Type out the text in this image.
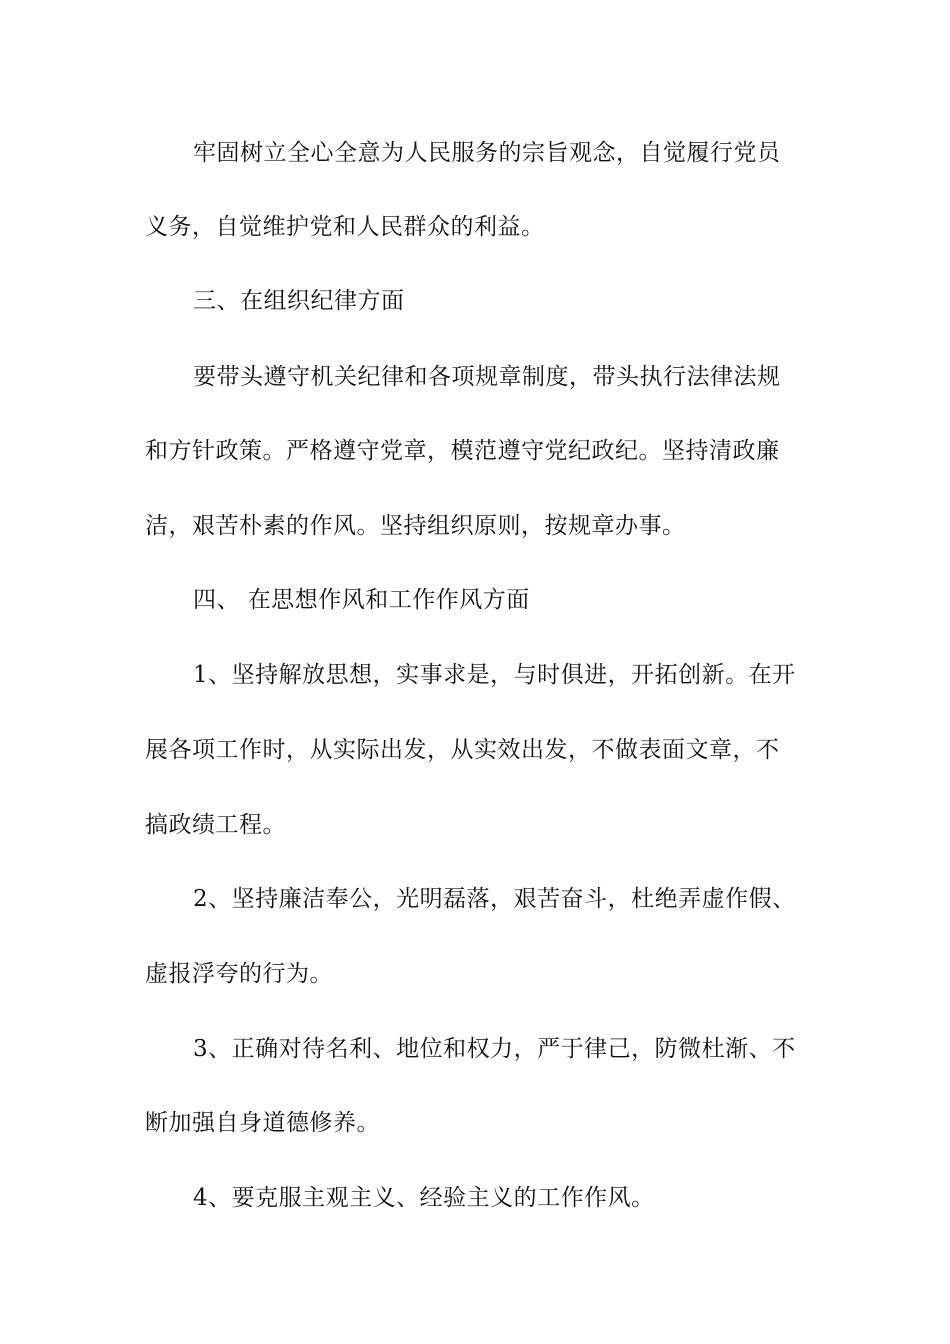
牢固树立全心全意为人民服务的宗旨观念，自觉履行党员
义务，自觉维护党和人民群众的利益。
三、在组织纪律方面
要带头遵守机关纪律和各项规章制度，带头执行法律法规
和方针政策。严格遵守党章，模范遵守党纪政纪。坚持清政廉
洁，艰苦朴素的作风。坚持组织原则，按规章办事。
四、 在思想作风和工作作风方面
1、坚持解放思想，实事求是，与时俱进，开拓创新。在开
展各项工作时，从实际出发，从实效出发，不做表面文章，不
搞政绩工程。
2、坚持廉洁奉公，光明磊落，艰苦奋斗，杜绝弄虚作假、
虚报浮夸的行为。
3、正确对待名利、地位和权力，严于律己，防微杜渐、不
断加强自身道德修养。
4、要克服主观主义、经验主义的工作作风。
